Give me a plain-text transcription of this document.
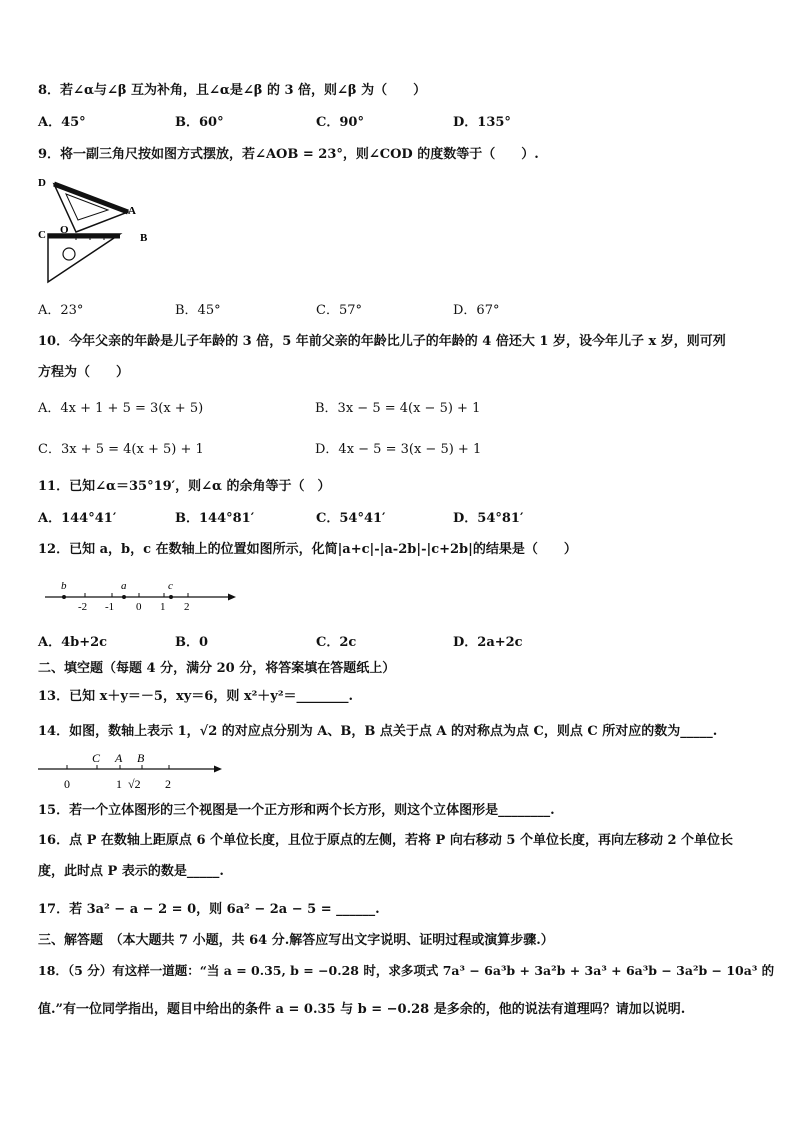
8．若∠α与∠β 互为补角，且∠α是∠β 的 3 倍，则∠β 为（　　）
A．45°	B．60°	C．90°	D．135°
9．将一副三角尺按如图方式摆放，若∠AOB = 23°，则∠COD 的度数等于（　　）.
D
A
C O
B
A．23°	B．45°	C．57°	D．67°
10．今年父亲的年龄是儿子年龄的 3 倍，5 年前父亲的年龄比儿子的年龄的 4 倍还大 1 岁，设今年儿子 x 岁，则可列
方程为（　　）
A．4x + 1 + 5 = 3(x + 5)	B．3x − 5 = 4(x − 5) + 1
C．3x + 5 = 4(x + 5) + 1	D．4x − 5 = 3(x − 5) + 1
11．已知∠α＝35°19′，则∠α 的余角等于（　）
A．144°41′	B．144°81′	C．54°41′	D．54°81′
12．已知 a，b，c 在数轴上的位置如图所示，化简|a+c|-|a-2b|-|c+2b|的结果是（　　）
b	a	c
-2 -1 0 1 2
A．4b+2c	B．0	C．2c	D．2a+2c
二、填空题（每题 4 分，满分 20 分，将答案填在答题纸上）
13．已知 x＋y＝－5，xy＝6，则 x²＋y²＝________.
14．如图，数轴上表示 1，√2 的对应点分别为 A、B，B 点关于点 A 的对称点为点 C，则点 C 所对应的数为_____.
C A B
0	1 √2 2
15．若一个立体图形的三个视图是一个正方形和两个长方形，则这个立体图形是________.
16．点 P 在数轴上距原点 6 个单位长度，且位于原点的左侧，若将 P 向右移动 5 个单位长度，再向左移动 2 个单位长
度，此时点 P 表示的数是_____.
17．若 3a² − a − 2 = 0，则 6a² − 2a − 5 = ______.
三、解答题　（本大题共 7 小题，共 64 分.解答应写出文字说明、证明过程或演算步骤.）
18．（5 分）有这样一道题：“当 a = 0.35, b = −0.28 时，求多项式 7a³ − 6a³b + 3a²b + 3a³ + 6a³b − 3a²b − 10a³ 的
值.”有一位同学指出，题目中给出的条件 a = 0.35 与 b = −0.28 是多余的，他的说法有道理吗？请加以说明.
